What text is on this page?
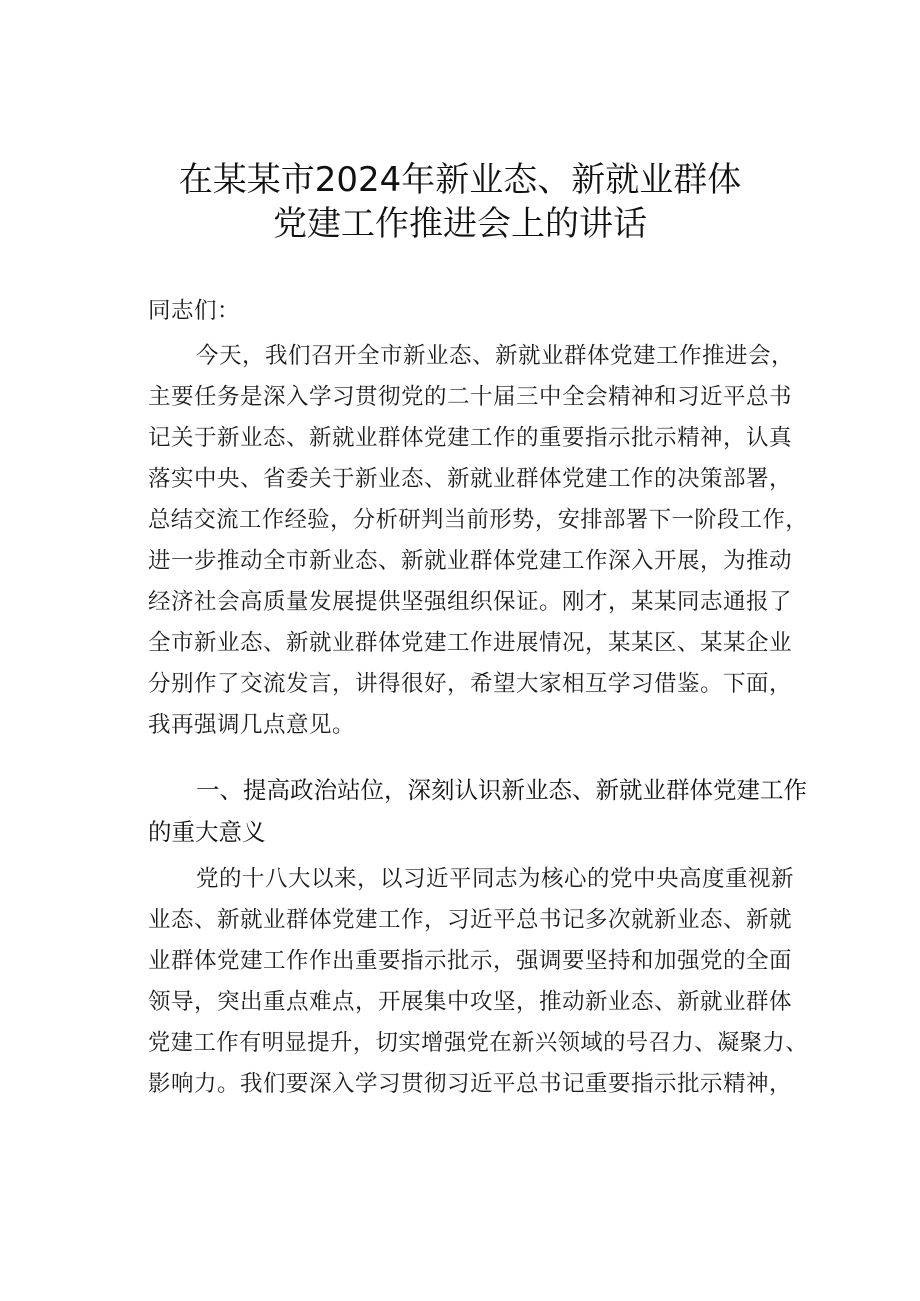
在某某市2024年新业态、新就业群体
党建工作推进会上的讲话
同志们：
今天，我们召开全市新业态、新就业群体党建工作推进会，
主要任务是深入学习贯彻党的二十届三中全会精神和习近平总书
记关于新业态、新就业群体党建工作的重要指示批示精神，认真
落实中央、省委关于新业态、新就业群体党建工作的决策部署，
总结交流工作经验，分析研判当前形势，安排部署下一阶段工作，
进一步推动全市新业态、新就业群体党建工作深入开展，为推动
经济社会高质量发展提供坚强组织保证。刚才，某某同志通报了
全市新业态、新就业群体党建工作进展情况，某某区、某某企业
分别作了交流发言，讲得很好，希望大家相互学习借鉴。下面，
我再强调几点意见。
一、提高政治站位，深刻认识新业态、新就业群体党建工作
的重大意义
党的十八大以来，以习近平同志为核心的党中央高度重视新
业态、新就业群体党建工作，习近平总书记多次就新业态、新就
业群体党建工作作出重要指示批示，强调要坚持和加强党的全面
领导，突出重点难点，开展集中攻坚，推动新业态、新就业群体
党建工作有明显提升，切实增强党在新兴领域的号召力、凝聚力、
影响力。我们要深入学习贯彻习近平总书记重要指示批示精神，
